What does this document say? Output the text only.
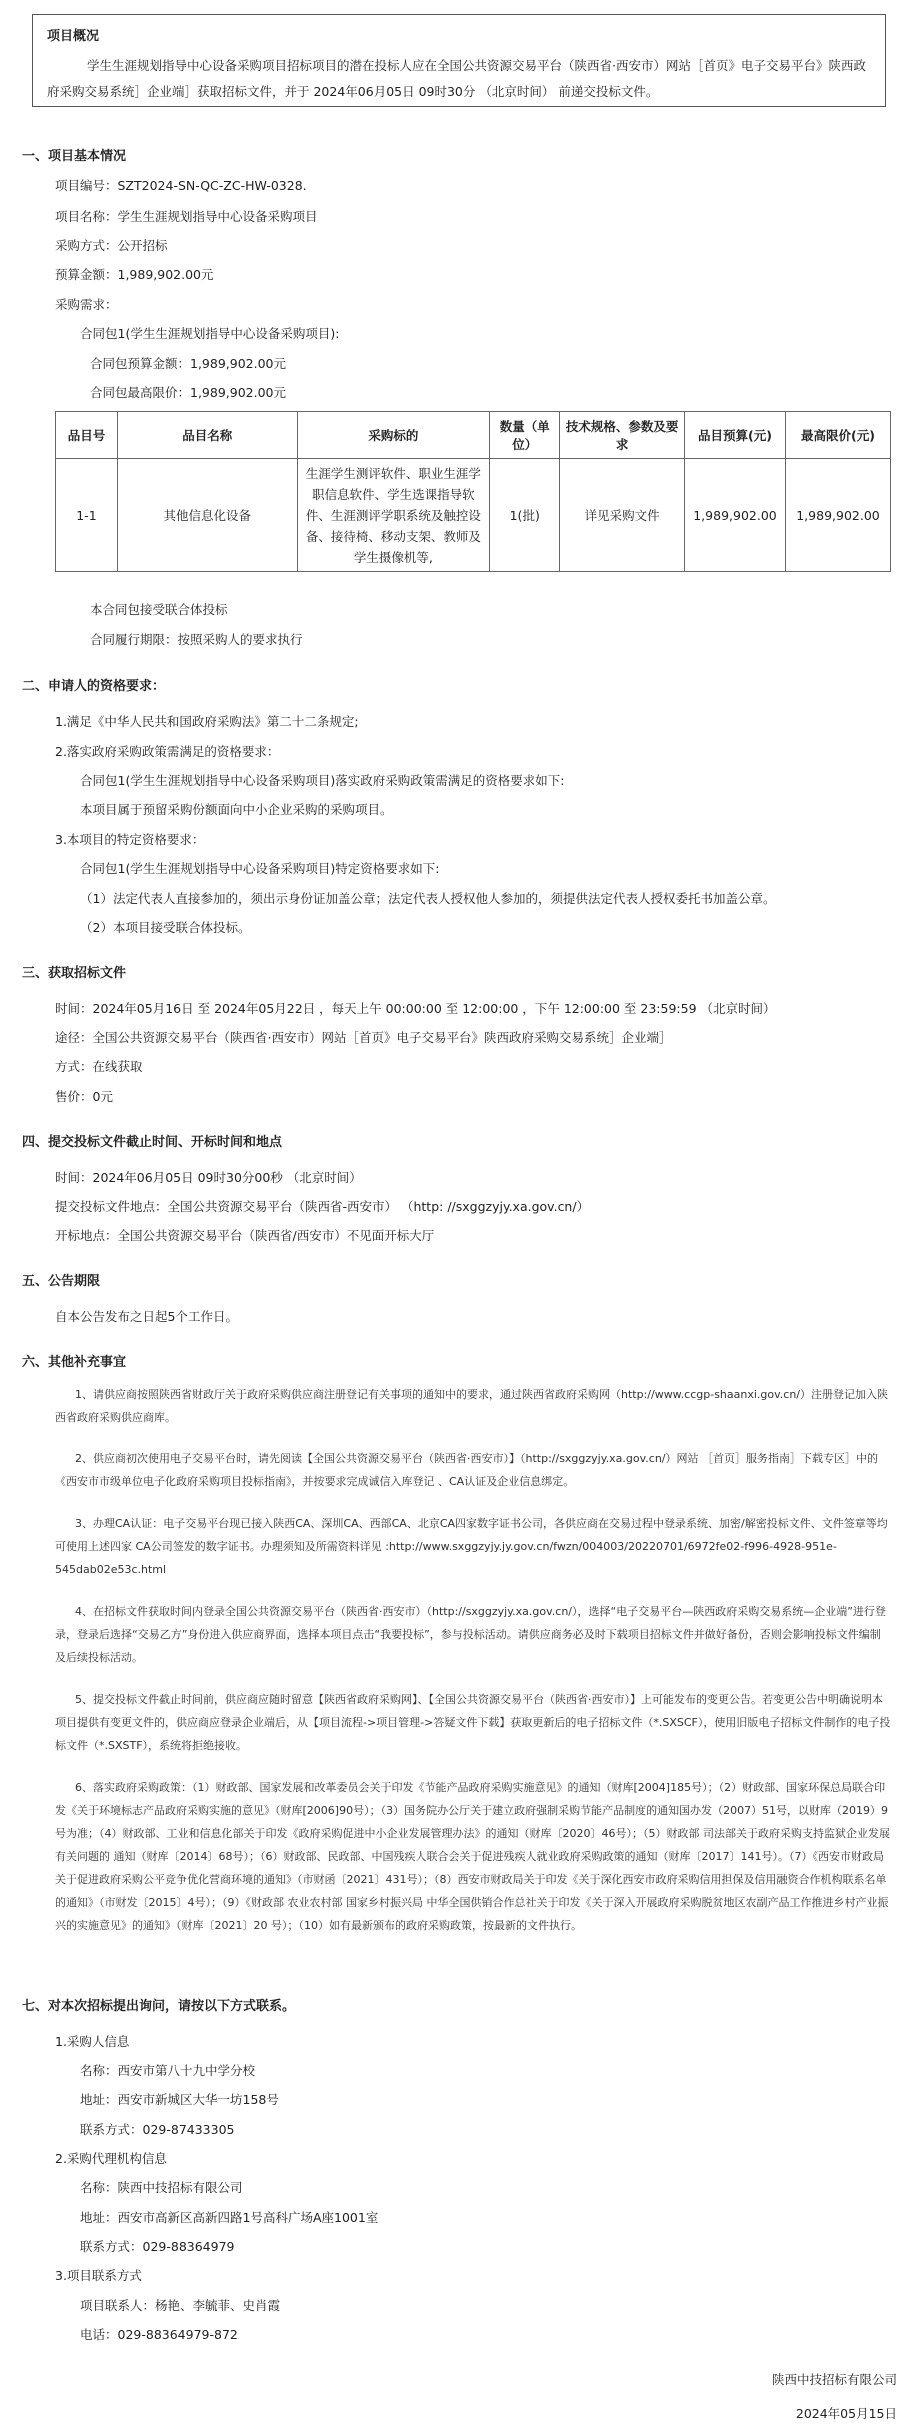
项目概况
学生生涯规划指导中心设备采购项目招标项目的潜在投标人应在全国公共资源交易平台（陕西省·西安市）网站［首页》电子交易平台》陕西政府采购交易系统］企业端］获取招标文件，并于 2024年06月05日 09时30分 （北京时间） 前递交投标文件。
一、项目基本情况
项目编号：SZT2024-SN-QC-ZC-HW-0328.
项目名称：学生生涯规划指导中心设备采购项目
采购方式：公开招标
预算金额：1,989,902.00元
采购需求：
合同包1(学生生涯规划指导中心设备采购项目):
合同包预算金额：1,989,902.00元
合同包最高限价：1,989,902.00元
品目号	品目名称	采购标的	数量（单位）	技术规格、参数及要求	品目预算(元)	最高限价(元)
1-1	其他信息化设备	生涯学生测评软件、职业生涯学职信息软件、学生选课指导软件、生涯测评学职系统及触控设备、接待椅、移动支架、教师及学生摄像机等,	1(批)	详见采购文件	1,989,902.00	1,989,902.00
本合同包接受联合体投标
合同履行期限：按照采购人的要求执行
二、申请人的资格要求：
1.满足《中华人民共和国政府采购法》第二十二条规定;
2.落实政府采购政策需满足的资格要求：
合同包1(学生生涯规划指导中心设备采购项目)落实政府采购政策需满足的资格要求如下:
本项目属于预留采购份额面向中小企业采购的采购项目。
3.本项目的特定资格要求：
合同包1(学生生涯规划指导中心设备采购项目)特定资格要求如下:
（1）法定代表人直接参加的，须出示身份证加盖公章；法定代表人授权他人参加的，须提供法定代表人授权委托书加盖公章。
（2）本项目接受联合体投标。
三、获取招标文件
时间：2024年05月16日 至 2024年05月22日 ，每天上午 00:00:00 至 12:00:00 ，下午 12:00:00 至 23:59:59 （北京时间）
途径：全国公共资源交易平台（陕西省·西安市）网站［首页》电子交易平台》陕西政府采购交易系统］企业端］
方式：在线获取
售价：0元
四、提交投标文件截止时间、开标时间和地点
时间：2024年06月05日 09时30分00秒 （北京时间）
提交投标文件地点：全国公共资源交易平台（陕西省-西安市） （http: //sxggzyjy.xa.gov.cn/）
开标地点：全国公共资源交易平台（陕西省/西安市）不见面开标大厅
五、公告期限
自本公告发布之日起5个工作日。
六、其他补充事宜
1、请供应商按照陕西省财政厅关于政府采购供应商注册登记有关事项的通知中的要求，通过陕西省政府采购网（http://www.ccgp-shaanxi.gov.cn/）注册登记加入陕西省政府采购供应商库。
2、供应商初次使用电子交易平台时，请先阅读【全国公共资源交易平台（陕西省·西安市）】（http://sxggzyjy.xa.gov.cn/）网站 ［首页］服务指南］下载专区］中的 《西安市市级单位电子化政府采购项目投标指南》，并按要求完成诚信入库登记 、CA认证及企业信息绑定。
3、办理CA认证：电子交易平台现已接入陕西CA、深圳CA、西部CA、北京CA四家数字证书公司，各供应商在交易过程中登录系统、加密/解密投标文件、文件签章等均可使用上述四家 CA公司签发的数字证书。办理须知及所需资料详见 :http://www.sxggzyjy.jy.gov.cn/fwzn/004003/20220701/6972fe02-f996-4928-951e-545dab02e53c.html
4、在招标文件获取时间内登录全国公共资源交易平台（陕西省·西安市）（http://sxggzyjy.xa.gov.cn/），选择“电子交易平台—陕西政府采购交易系统—企业端”进行登录，登录后选择“交易乙方”身份进入供应商界面，选择本项目点击“我要投标”，参与投标活动。请供应商务必及时下载项目招标文件并做好备份，否则会影响投标文件编制及后续投标活动。
5、提交投标文件截止时间前，供应商应随时留意【陕西省政府采购网】、【全国公共资源交易平台（陕西省·西安市）】上可能发布的变更公告。若变更公告中明确说明本项目提供有变更文件的，供应商应登录企业端后，从【项目流程->项目管理->答疑文件下载】获取更新后的电子招标文件（*.SXSCF），使用旧版电子招标文件制作的电子投标文件（*.SXSTF），系统将拒绝接收。
6、落实政府采购政策：（1）财政部、国家发展和改革委员会关于印发《节能产品政府采购实施意见》的通知（财库[2004]185号）；（2）财政部、国家环保总局联合印发《关于环境标志产品政府采购实施的意见》（财库[2006]90号）；（3）国务院办公厅关于建立政府强制采购节能产品制度的通知国办发（2007）51号，以财库（2019）9号为准；（4）财政部、工业和信息化部关于印发《政府采购促进中小企业发展管理办法》的通知（财库〔2020〕46号）；（5）财政部 司法部关于政府采购支持监狱企业发展有关问题的 通知（财库〔2014〕68号）；（6）财政部、民政部、中国残疾人联合会关于促进残疾人就业政府采购政策的通知（财库〔2017〕141号）。（7）《西安市财政局关于促进政府采购公平竞争优化营商环境的通知》（市财函〔2021〕431号）；（8）西安市财政局关于印发《关于深化西安市政府采购信用担保及信用融资合作机构联系名单的通知》（市财发〔2015〕4号）；（9）《财政部 农业农村部 国家乡村振兴局 中华全国供销合作总社关于印发《关于深入开展政府采购脱贫地区农副产品工作推进乡村产业振兴的实施意见》的通知》（财库〔2021〕20 号）；（10）如有最新颁布的政府采购政策，按最新的文件执行。
七、对本次招标提出询问，请按以下方式联系。
1.采购人信息
名称：西安市第八十九中学分校
地址：西安市新城区大华一坊158号
联系方式：029-87433305
2.采购代理机构信息
名称：陕西中技招标有限公司
地址：西安市高新区高新四路1号高科广场A座1001室
联系方式：029-88364979
3.项目联系方式
项目联系人：杨艳、李毓菲、史肖霞
电话：029-88364979-872
陕西中技招标有限公司
2024年05月15日
